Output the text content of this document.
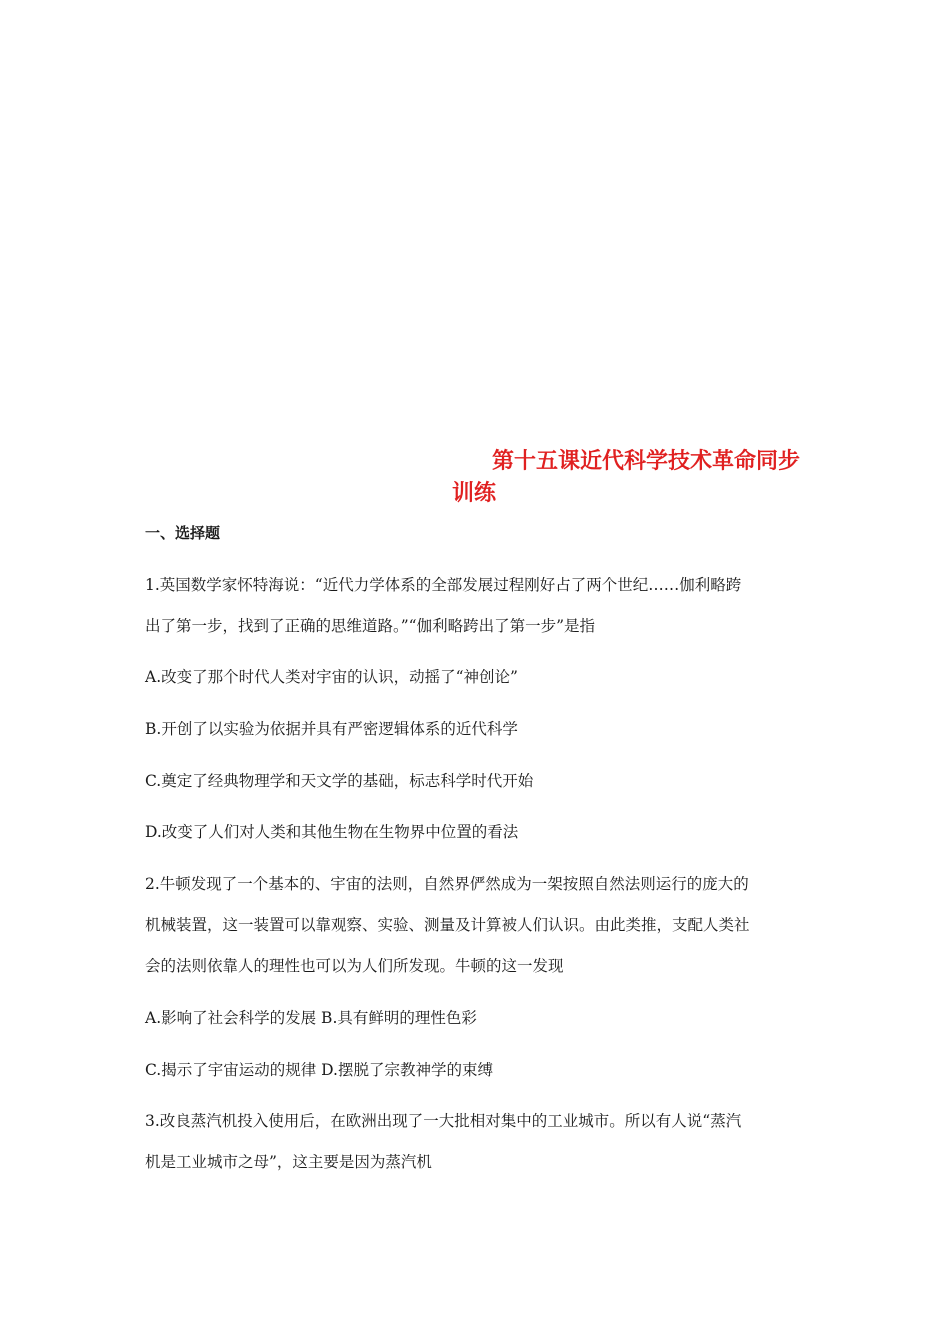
第十五课近代科学技术革命同步
训练
一、选择题

1.英国数学家怀特海说：“近代力学体系的全部发展过程刚好占了两个世纪……伽利略跨
出了第一步，找到了正确的思维道路。”“伽利略跨出了第一步”是指

A.改变了那个时代人类对宇宙的认识，动摇了“神创论”

B.开创了以实验为依据并具有严密逻辑体系的近代科学

C.奠定了经典物理学和天文学的基础，标志科学时代开始

D.改变了人们对人类和其他生物在生物界中位置的看法

2.牛顿发现了一个基本的、宇宙的法则，自然界俨然成为一架按照自然法则运行的庞大的
机械装置，这一装置可以靠观察、实验、测量及计算被人们认识。由此类推，支配人类社
会的法则依靠人的理性也可以为人们所发现。牛顿的这一发现

A.影响了社会科学的发展 B.具有鲜明的理性色彩

C.揭示了宇宙运动的规律 D.摆脱了宗教神学的束缚

3.改良蒸汽机投入使用后，在欧洲出现了一大批相对集中的工业城市。所以有人说“蒸汽
机是工业城市之母”，这主要是因为蒸汽机
